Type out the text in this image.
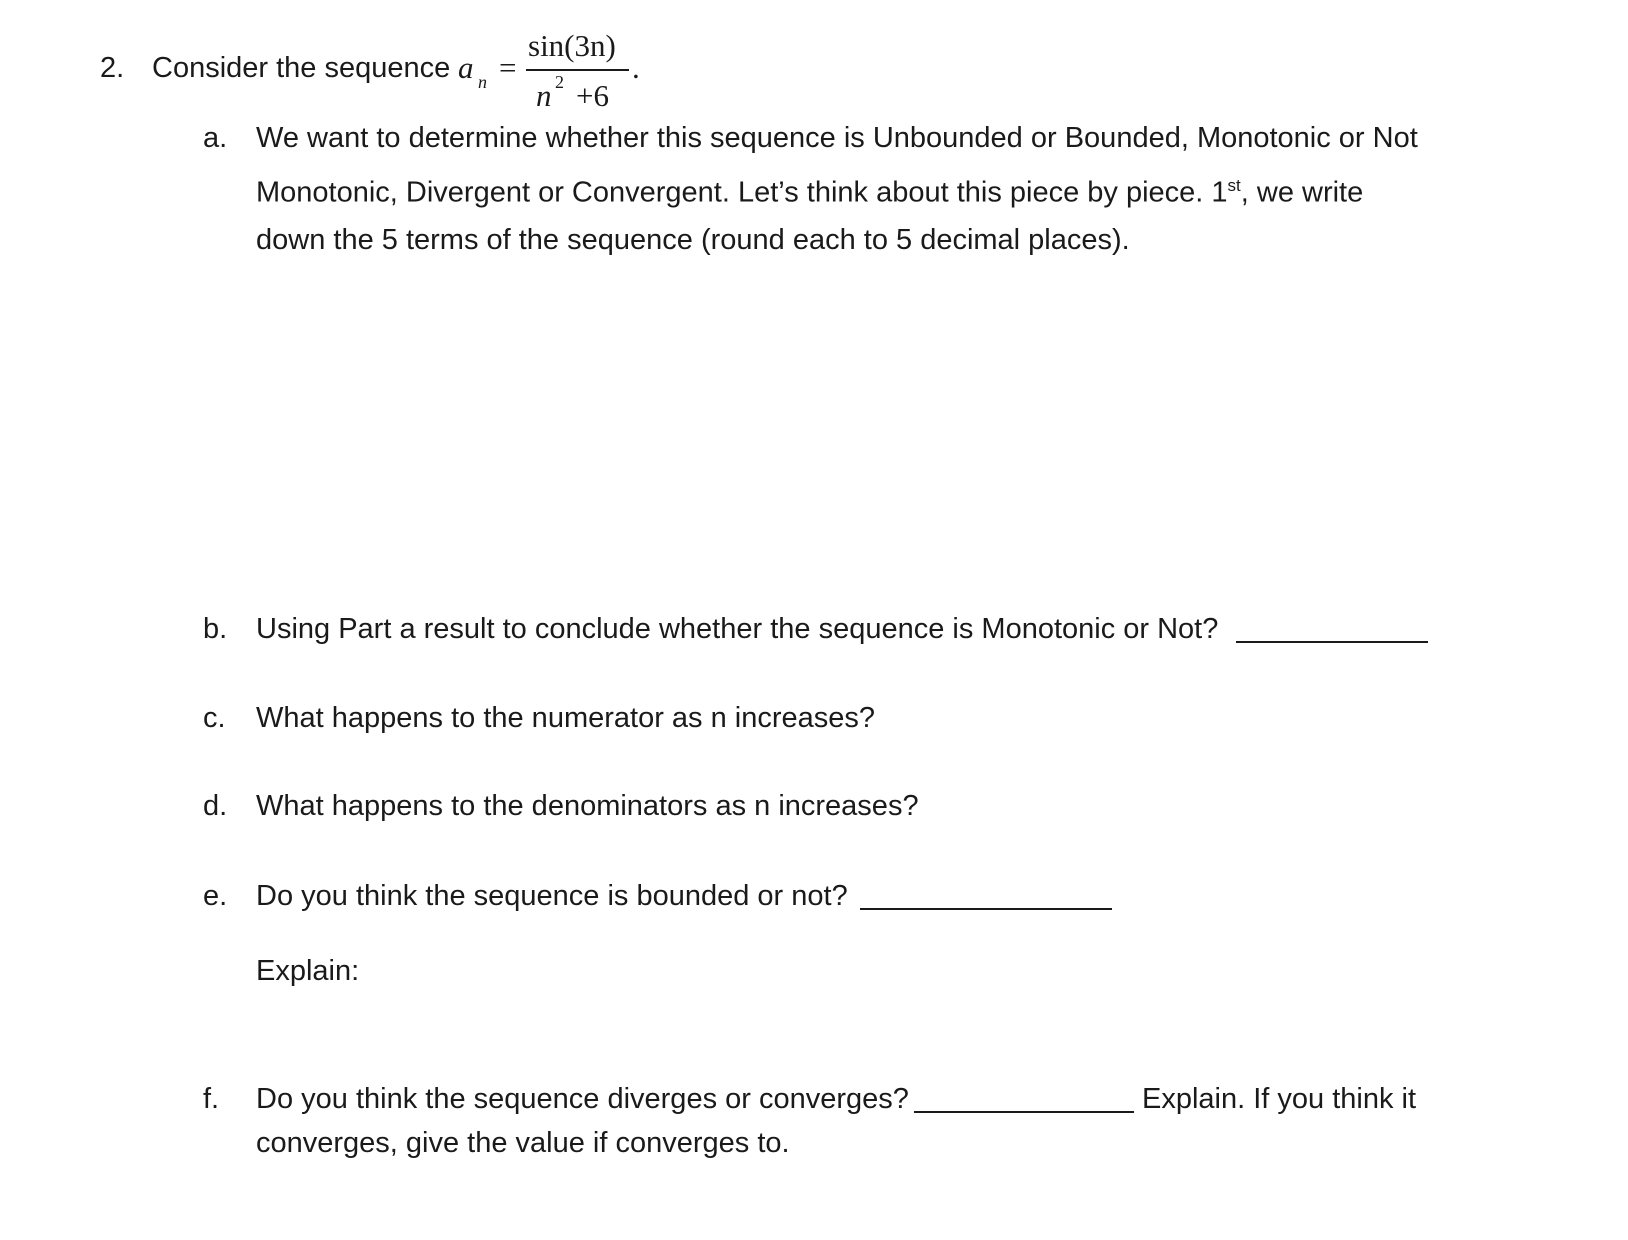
2. Consider the sequence a n =
sin(3n)
n 2 +6
.
a. We want to determine whether this sequence is Unbounded or Bounded, Monotonic or Not
Monotonic, Divergent or Convergent. Let’s think about this piece by piece. 1st, we write
down the 5 terms of the sequence (round each to 5 decimal places).
b. Using Part a result to conclude whether the sequence is Monotonic or Not?
c. What happens to the numerator as n increases?
d. What happens to the denominators as n increases?
e. Do you think the sequence is bounded or not?
Explain:
f. Do you think the sequence diverges or converges?	Explain. If you think it
converges, give the value if converges to.
